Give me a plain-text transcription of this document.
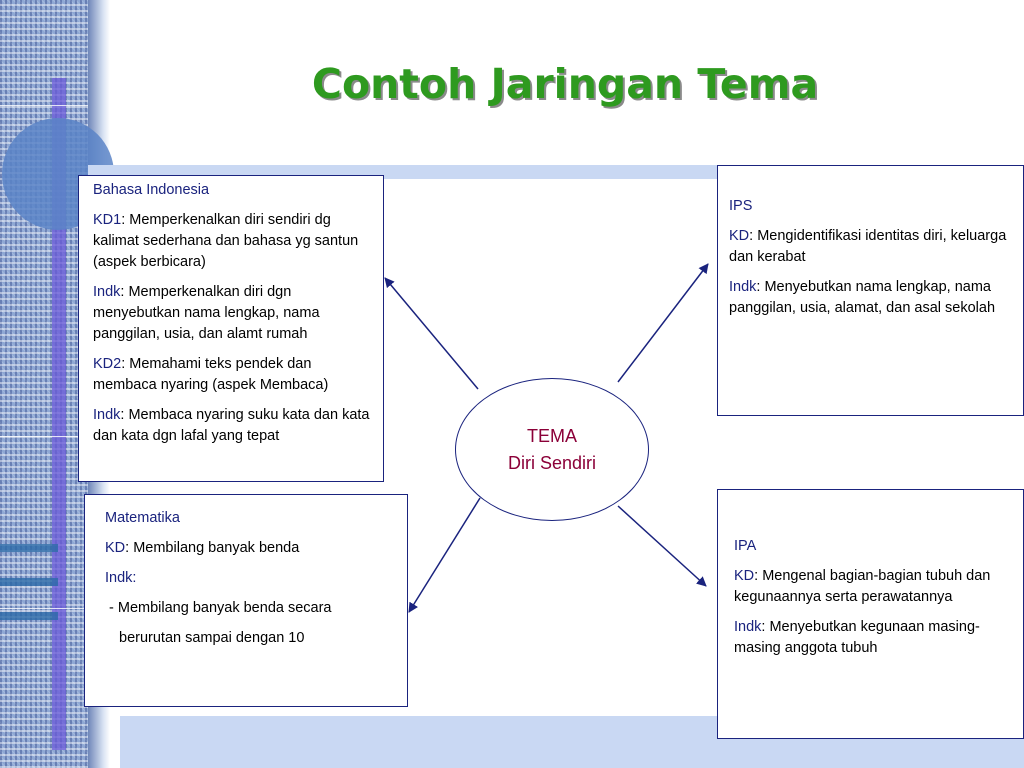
Contoh Jaringan Tema

Bahasa Indonesia

KD1: Memperkenalkan diri sendiri dg kalimat sederhana dan bahasa yg santun (aspek berbicara)

Indk: Memperkenalkan diri dgn menyebutkan nama lengkap, nama panggilan, usia, dan alamt rumah

KD2: Memahami teks pendek dan membaca nyaring (aspek Membaca)

Indk: Membaca nyaring suku kata dan kata dan kata dgn lafal yang tepat

IPS

KD: Mengidentifikasi identitas diri, keluarga dan kerabat

Indk: Menyebutkan nama lengkap, nama panggilan, usia, alamat, dan asal sekolah

Matematika

KD: Membilang banyak benda

Indk:

- Membilang banyak benda secara

berurutan sampai dengan 10

IPA

KD: Mengenal bagian-bagian tubuh dan kegunaannya serta perawatannya

Indk: Menyebutkan kegunaan masing-masing anggota tubuh

TEMA
Diri Sendiri
